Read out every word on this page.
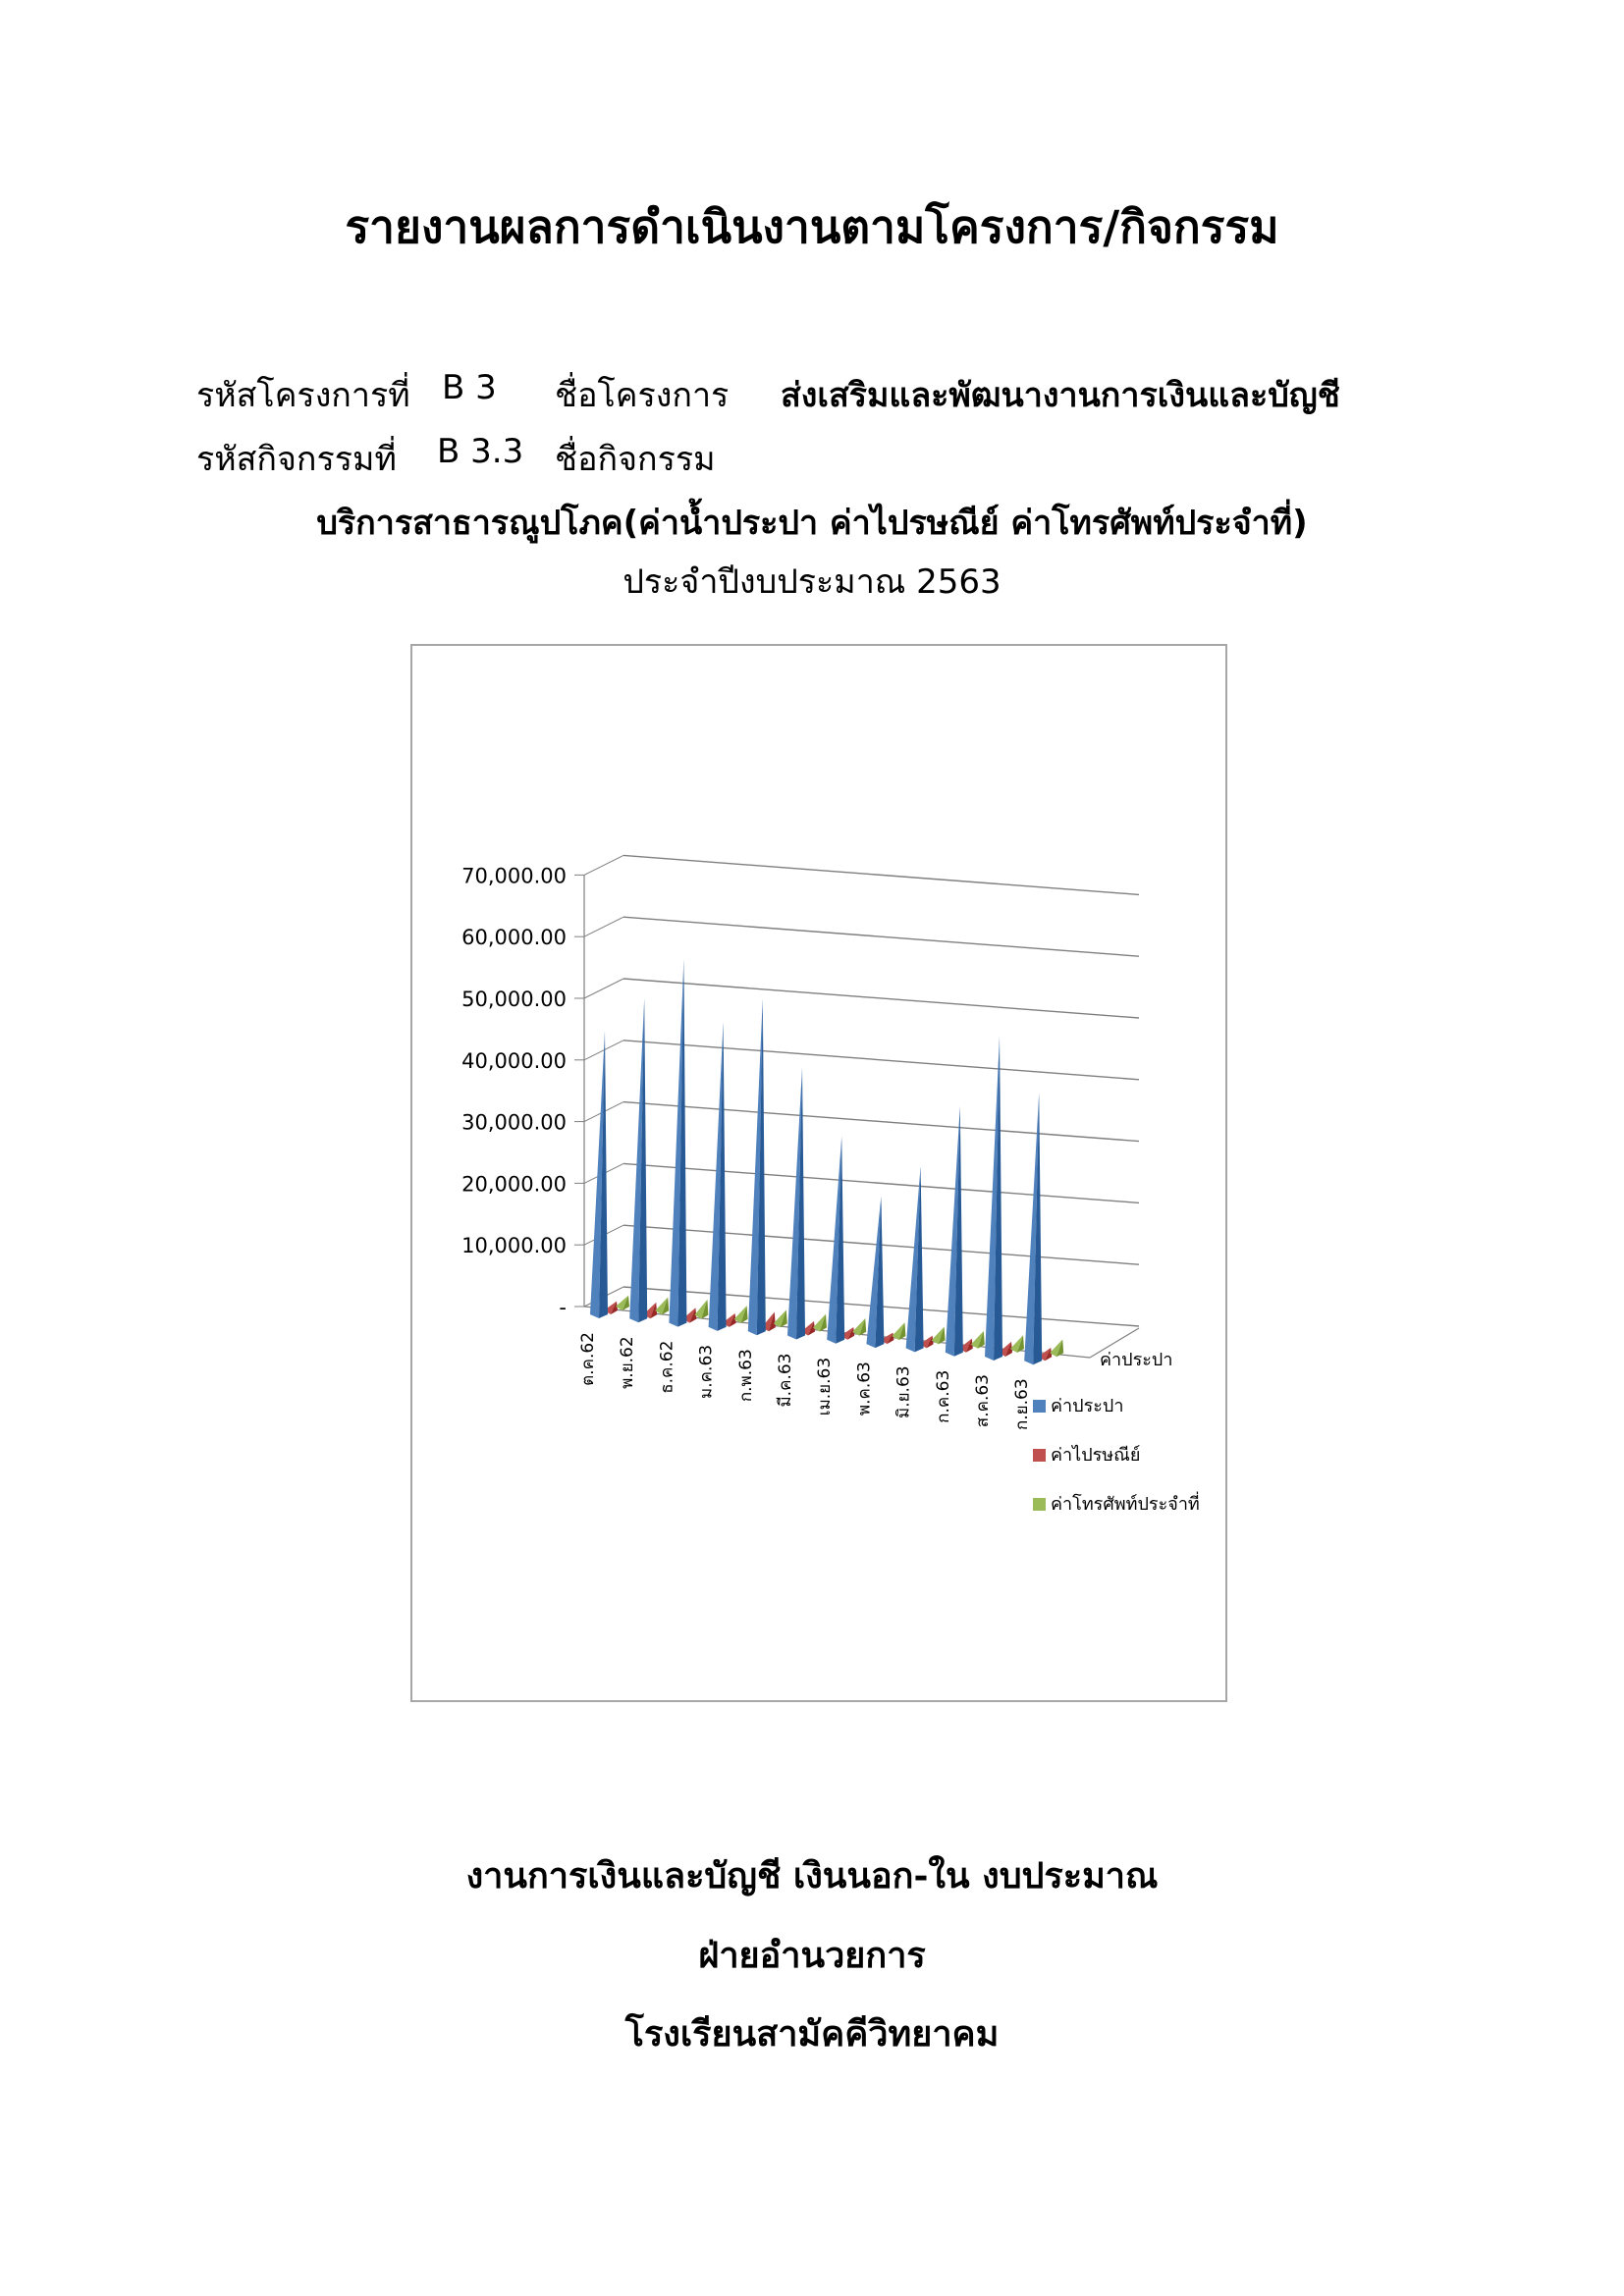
รายงานผลการดำเนินงานตามโครงการ/กิจกรรม
รหัสโครงการที่ B 3 ชื่อโครงการ ส่งเสริมและพัฒนางานการเงินและบัญชี
รหัสกิจกรรมที่ B 3.3 ชื่อกิจกรรม
บริการสาธารณูปโภค(ค่าน้ำประปา ค่าไปรษณีย์ ค่าโทรศัพท์ประจำที่)
ประจำปีงบประมาณ 2563
-
10,000.00
20,000.00
30,000.00
40,000.00
50,000.00
60,000.00
70,000.00
ต.ค.62 พ.ย.62 ธ.ค.62 ม.ค.63 ก.พ.63 มี.ค.63 เม.ย.63 พ.ค.63 มิ.ย.63 ก.ค.63 ส.ค.63 ก.ย.63
ค่าประปา
ค่าประปา
ค่าไปรษณีย์
ค่าโทรศัพท์ประจำที่
งานการเงินและบัญชี เงินนอก-ใน งบประมาณ
ฝ่ายอำนวยการ
โรงเรียนสามัคคีวิทยาคม
